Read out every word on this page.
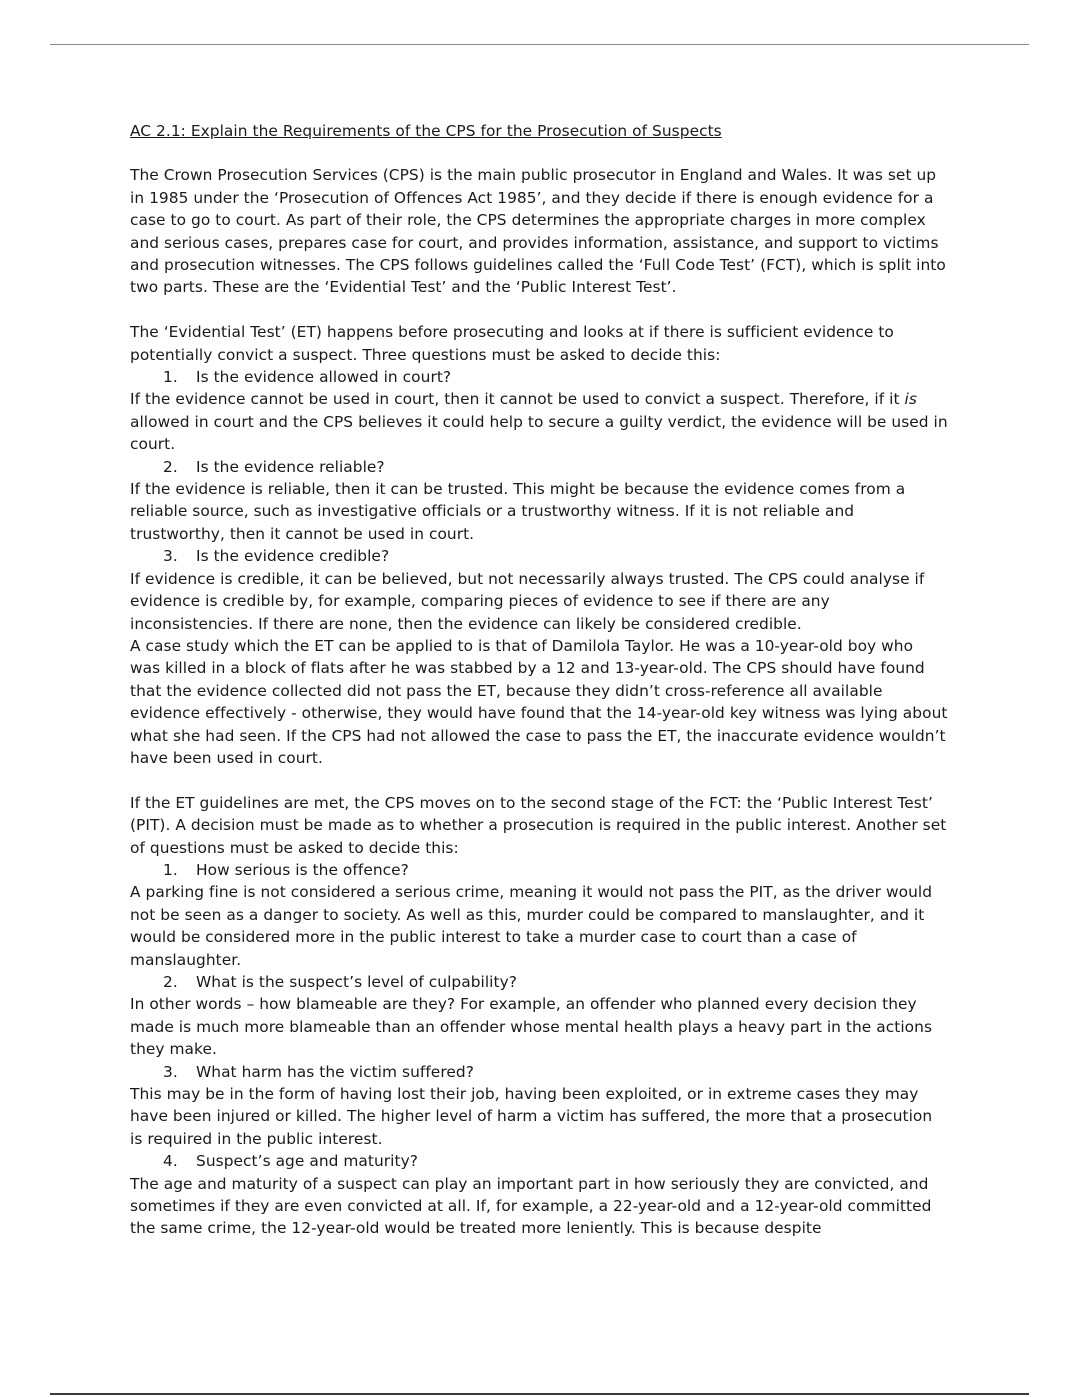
AC 2.1: Explain the Requirements of the CPS for the Prosecution of Suspects

The Crown Prosecution Services (CPS) is the main public prosecutor in England and Wales. It was set up in 1985 under the ‘Prosecution of Offences Act 1985’, and they decide if there is enough evidence for a case to go to court. As part of their role, the CPS determines the appropriate charges in more complex and serious cases, prepares case for court, and provides information, assistance, and support to victims and prosecution witnesses. The CPS follows guidelines called the ‘Full Code Test’ (FCT), which is split into two parts. These are the ‘Evidential Test’ and the ‘Public Interest Test’.

The ‘Evidential Test’ (ET) happens before prosecuting and looks at if there is sufficient evidence to potentially convict a suspect. Three questions must be asked to decide this:

1. Is the evidence allowed in court?

If the evidence cannot be used in court, then it cannot be used to convict a suspect. Therefore, if it is allowed in court and the CPS believes it could help to secure a guilty verdict, the evidence will be used in court.

2. Is the evidence reliable?

If the evidence is reliable, then it can be trusted. This might be because the evidence comes from a reliable source, such as investigative officials or a trustworthy witness. If it is not reliable and trustworthy, then it cannot be used in court.

3. Is the evidence credible?

If evidence is credible, it can be believed, but not necessarily always trusted. The CPS could analyse if evidence is credible by, for example, comparing pieces of evidence to see if there are any inconsistencies. If there are none, then the evidence can likely be considered credible.

A case study which the ET can be applied to is that of Damilola Taylor. He was a 10-year-old boy who was killed in a block of flats after he was stabbed by a 12 and 13-year-old. The CPS should have found that the evidence collected did not pass the ET, because they didn’t cross-reference all available evidence effectively - otherwise, they would have found that the 14-year-old key witness was lying about what she had seen. If the CPS had not allowed the case to pass the ET, the inaccurate evidence wouldn’t have been used in court.

If the ET guidelines are met, the CPS moves on to the second stage of the FCT: the ‘Public Interest Test’ (PIT). A decision must be made as to whether a prosecution is required in the public interest. Another set of questions must be asked to decide this:

1. How serious is the offence?

A parking fine is not considered a serious crime, meaning it would not pass the PIT, as the driver would not be seen as a danger to society. As well as this, murder could be compared to manslaughter, and it would be considered more in the public interest to take a murder case to court than a case of manslaughter.

2. What is the suspect’s level of culpability?

In other words – how blameable are they? For example, an offender who planned every decision they made is much more blameable than an offender whose mental health plays a heavy part in the actions they make.

3. What harm has the victim suffered?

This may be in the form of having lost their job, having been exploited, or in extreme cases they may have been injured or killed. The higher level of harm a victim has suffered, the more that a prosecution is required in the public interest.

4. Suspect’s age and maturity?

The age and maturity of a suspect can play an important part in how seriously they are convicted, and sometimes if they are even convicted at all. If, for example, a 22-year-old and a 12-year-old committed the same crime, the 12-year-old would be treated more leniently. This is because despite
